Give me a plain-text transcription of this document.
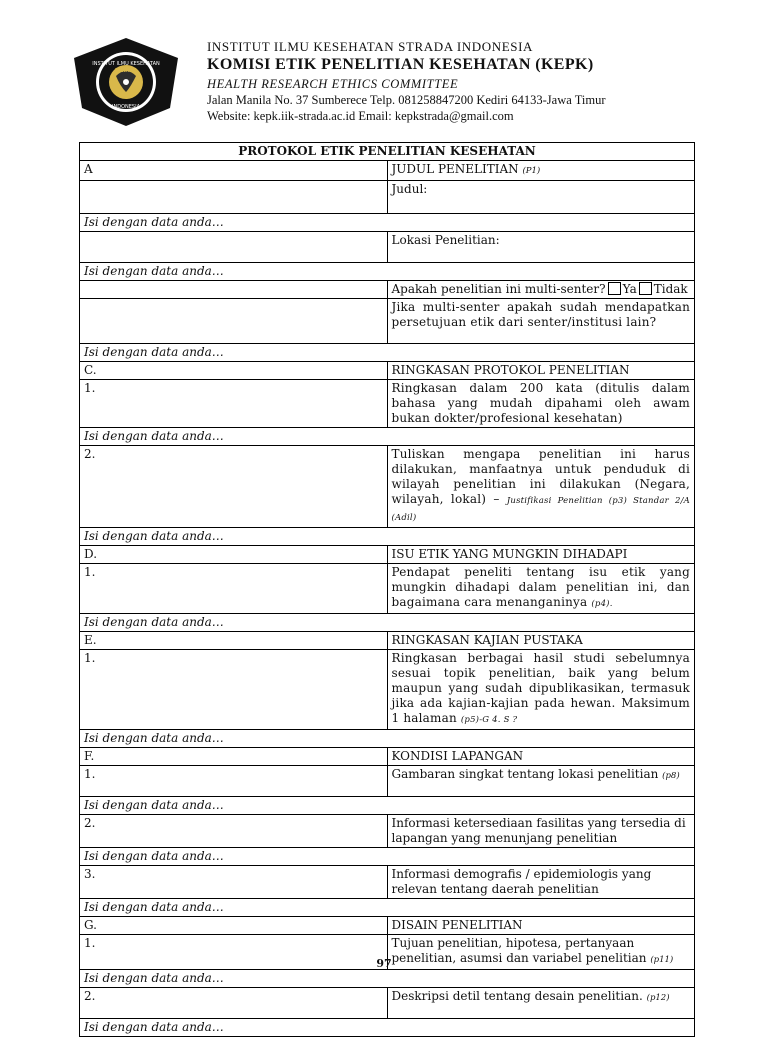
INSTITUT ILMU KESEHATAN
STRADA
INDONESIA
INSTITUT ILMU KESEHATAN STRADA INDONESIA
KOMISI ETIK PENELITIAN KESEHATAN (KEPK)
HEALTH RESEARCH ETHICS COMMITTEE
Jalan Manila No. 37 Sumberece Telp. 081258847200 Kediri 64133-Jawa Timur
Website: kepk.iik-strada.ac.id Email: kepkstrada@gmail.com
PROTOKOL ETIK PENELITIAN KESEHATAN	
A	JUDUL PENELITIAN (P1)
	Judul:
Isi dengan data anda…	
	Lokasi Penelitian:
Isi dengan data anda…	
	Apakah penelitian ini multi-senter? Ya Tidak
	Jika multi-senter apakah sudah mendapatkan persetujuan etik dari senter/institusi lain?
Isi dengan data anda…	
C.	RINGKASAN PROTOKOL PENELITIAN
1.	Ringkasan dalam 200 kata (ditulis dalam bahasa yang mudah dipahami oleh awam bukan dokter/profesional kesehatan)
Isi dengan data anda…	
2.	Tuliskan mengapa penelitian ini harus dilakukan, manfaatnya untuk penduduk di wilayah penelitian ini dilakukan (Negara, wilayah, lokal) – Justifikasi Penelitian (p3) Standar 2/A (Adil)
Isi dengan data anda…	
D.	ISU ETIK YANG MUNGKIN DIHADAPI
1.	Pendapat peneliti tentang isu etik yang mungkin dihadapi dalam penelitian ini, dan bagaimana cara menanganinya (p4).
Isi dengan data anda…	
E.	RINGKASAN KAJIAN PUSTAKA
1.	Ringkasan berbagai hasil studi sebelumnya sesuai topik penelitian, baik yang belum maupun yang sudah dipublikasikan, termasuk jika ada kajian-kajian pada hewan. Maksimum 1 halaman (p5)-G 4. S ?
Isi dengan data anda…	
F.	KONDISI LAPANGAN
1.	Gambaran singkat tentang lokasi penelitian (p8)
Isi dengan data anda…	
2.	Informasi ketersediaan fasilitas yang tersedia di lapangan yang menunjang penelitian
Isi dengan data anda…	
3.	Informasi demografis / epidemiologis yang relevan tentang daerah penelitian
Isi dengan data anda…	
G.	DISAIN PENELITIAN
1.	Tujuan penelitian, hipotesa, pertanyaan penelitian, asumsi dan variabel penelitian (p11)
Isi dengan data anda…	
2.	Deskripsi detil tentang desain penelitian. (p12)
Isi dengan data anda…	
97
